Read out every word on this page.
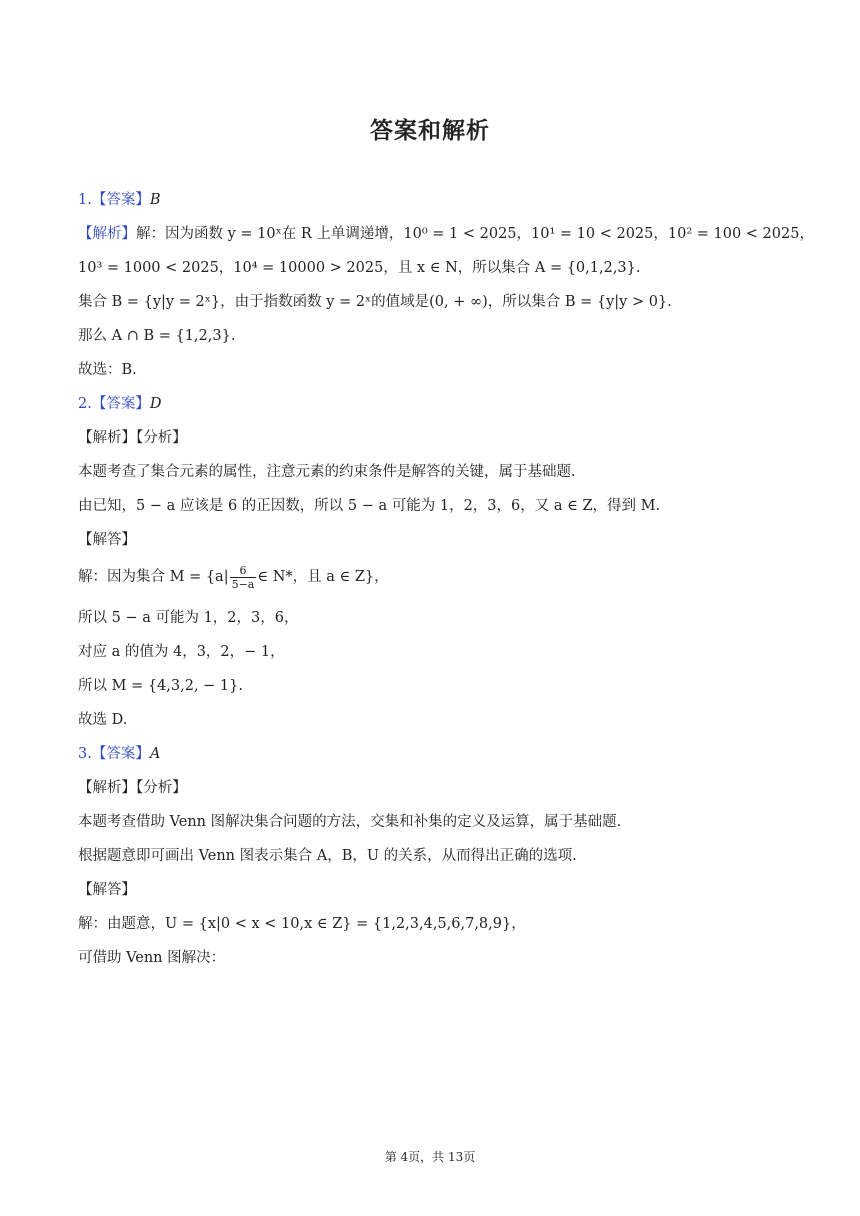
答案和解析
1.【答案】B
【解析】解：因为函数 y = 10ˣ在 R 上单调递增，10⁰ = 1 < 2025，10¹ = 10 < 2025，10² = 100 < 2025，
10³ = 1000 < 2025，10⁴ = 10000 > 2025，且 x ∈ N，所以集合 A = {0,1,2,3}.
集合 B = {y|y = 2ˣ}，由于指数函数 y = 2ˣ的值域是(0, + ∞)，所以集合 B = {y|y > 0}.
那么 A ∩ B = {1,2,3}.
故选：B.
2.【答案】D
【解析】【分析】
本题考查了集合元素的属性，注意元素的约束条件是解答的关键，属于基础题.
由已知，5 − a 应该是 6 的正因数，所以 5 − a 可能为 1，2，3，6，又 a ∈ Z，得到 M.
【解答】
解：因为集合 $M = \{a| \frac{6}{5-a}$ ∈ N*，且 a ∈ Z}，
所以 5 − a 可能为 1，2，3，6，
对应 a 的值为 4，3，2，− 1，
所以 M = {4,3,2, − 1}.
故选 D.
3.【答案】A
【解析】【分析】
本题考查借助 Venn 图解决集合问题的方法，交集和补集的定义及运算，属于基础题.
根据题意即可画出 Venn 图表示集合 A，B，U 的关系，从而得出正确的选项.
【解答】
解：由题意，U = {x|0 < x < 10,x ∈ Z} = {1,2,3,4,5,6,7,8,9}，
可借助 Venn 图解决：
第 4页，共 13页
